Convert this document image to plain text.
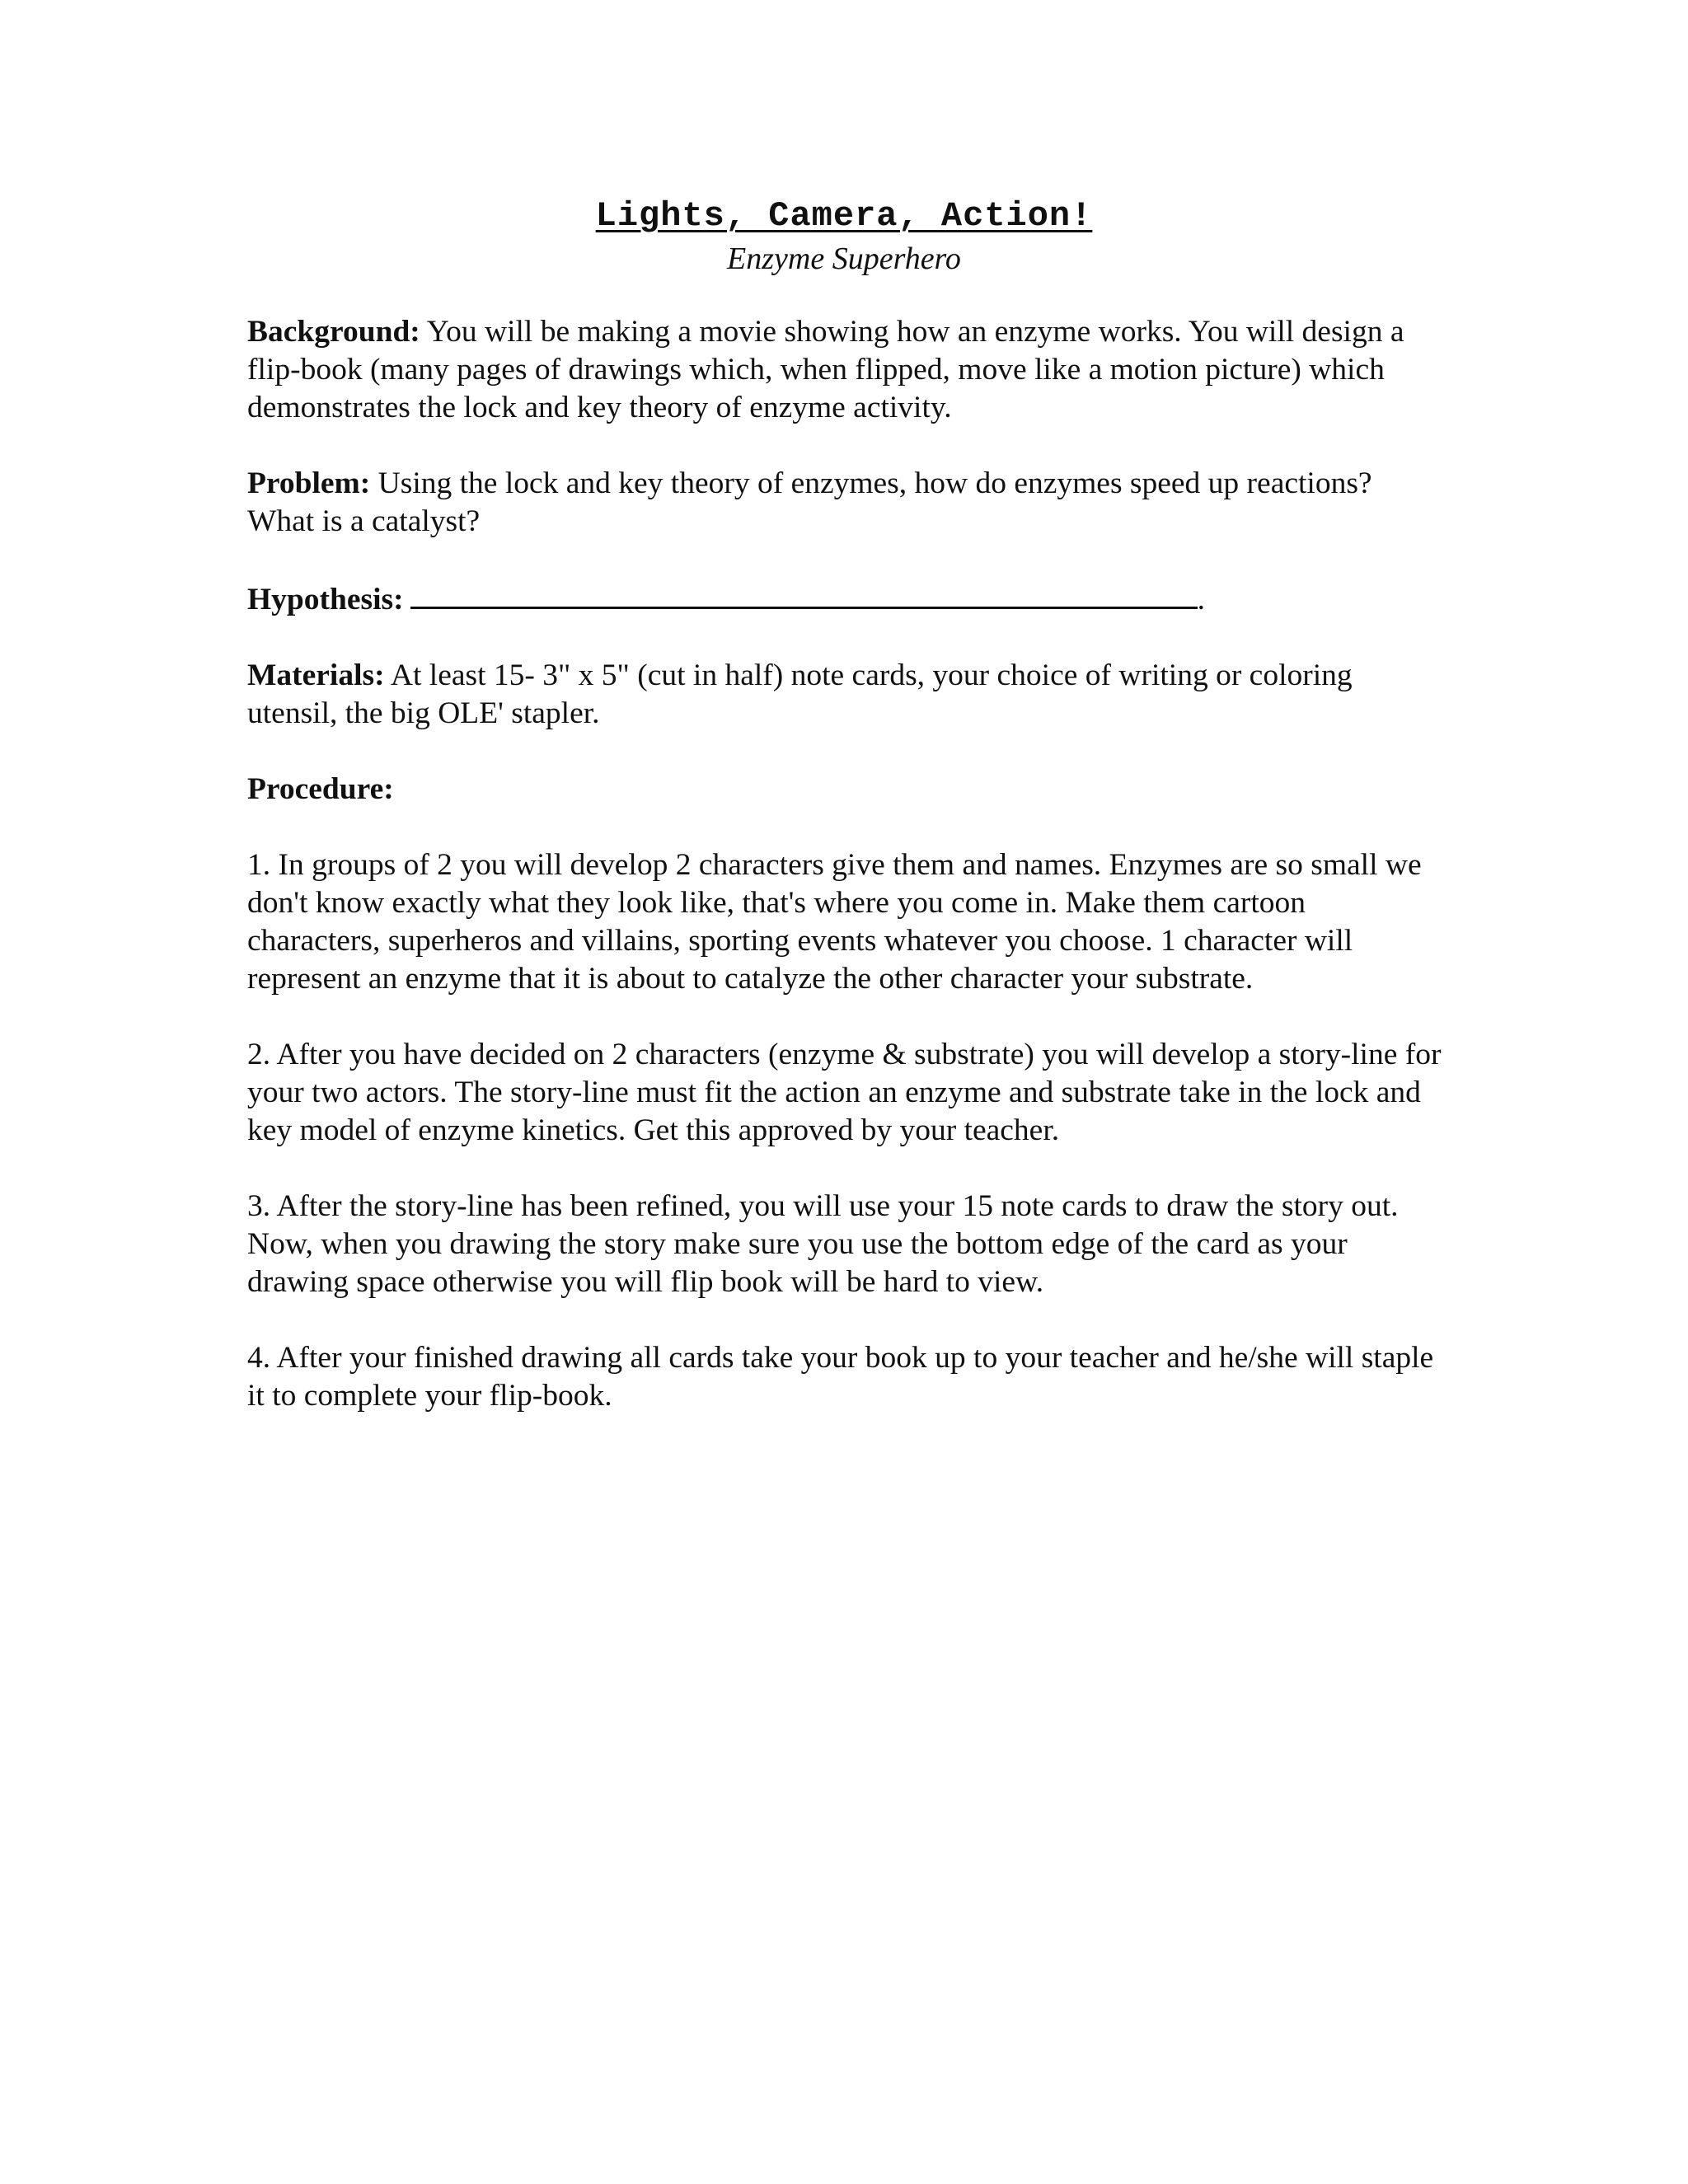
Lights, Camera, Action!
Enzyme Superhero

Background: You will be making a movie showing how an enzyme works. You will design a flip-book (many pages of drawings which, when flipped, move like a motion picture) which demonstrates the lock and key theory of enzyme activity.

Problem: Using the lock and key theory of enzymes, how do enzymes speed up reactions? What is a catalyst?

Hypothesis:	.

Materials: At least 15- 3" x 5" (cut in half) note cards, your choice of writing or coloring utensil, the big OLE' stapler.

Procedure:

1. In groups of 2 you will develop 2 characters give them and names. Enzymes are so small we don't know exactly what they look like, that's where you come in. Make them cartoon characters, superheros and villains, sporting events whatever you choose. 1 character will represent an enzyme that it is about to catalyze the other character your substrate.

2. After you have decided on 2 characters (enzyme & substrate) you will develop a story-line for your two actors. The story-line must fit the action an enzyme and substrate take in the lock and key model of enzyme kinetics. Get this approved by your teacher.

3. After the story-line has been refined, you will use your 15 note cards to draw the story out. Now, when you drawing the story make sure you use the bottom edge of the card as your drawing space otherwise you will flip book will be hard to view.

4. After your finished drawing all cards take your book up to your teacher and he/she will staple it to complete your flip-book.
